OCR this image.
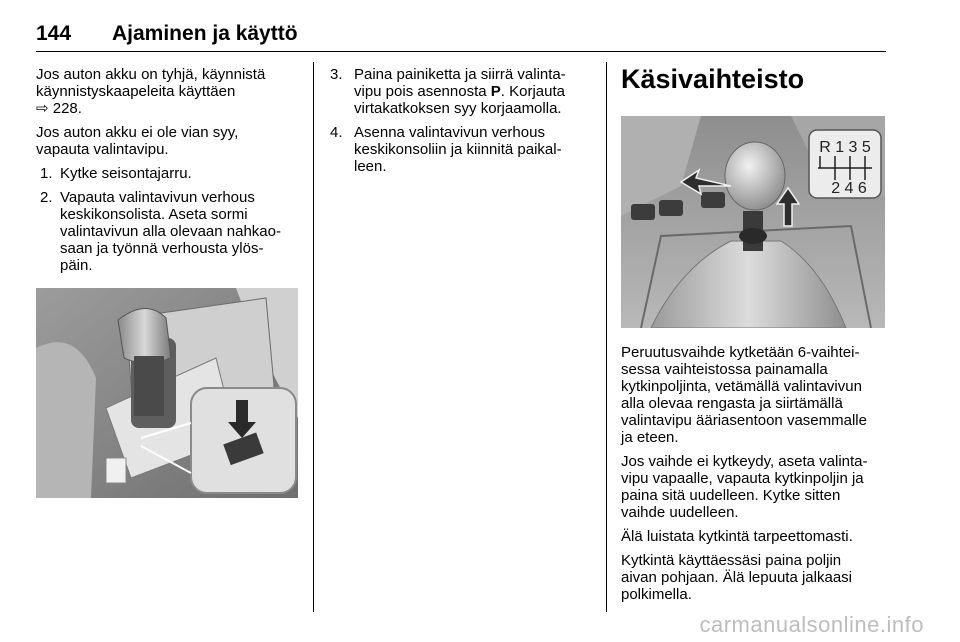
144 Ajaminen ja käyttö

Jos auton akku on tyhjä, käynnistä
käynnistyskaapeleita käyttäen
⇨ 228.

Jos auton akku ei ole vian syy,
vapauta valintavipu.

1. Kytke seisontajarru.
2. Vapauta valintavivun verhous
keskikonsolista. Aseta sormi
valintavivun alla olevaan nahkao-
saan ja työnnä verhousta ylös-
päin.
3. Paina painiketta ja siirrä valinta-
vipu pois asennosta P. Korjauta
virtakatkoksen syy korjaamolla.
4. Asenna valintavivun verhous
keskikonsoliin ja kiinnitä paikal-
leen.
Käsivaihteisto
R 1 3 5
2 4 6

Peruutusvaihde kytketään 6-vaihtei-
sessa vaihteistossa painamalla
kytkinpoljinta, vetämällä valintavivun
alla olevaa rengasta ja siirtämällä
valintavipu ääriasentoon vasemmalle
ja eteen.

Jos vaihde ei kytkeydy, aseta valinta-
vipu vapaalle, vapauta kytkinpoljin ja
paina sitä uudelleen. Kytke sitten
vaihde uudelleen.

Älä luistata kytkintä tarpeettomasti.

Kytkintä käyttäessäsi paina poljin
aivan pohjaan. Älä lepuuta jalkaasi
polkimella.

carmanualsonline.info
